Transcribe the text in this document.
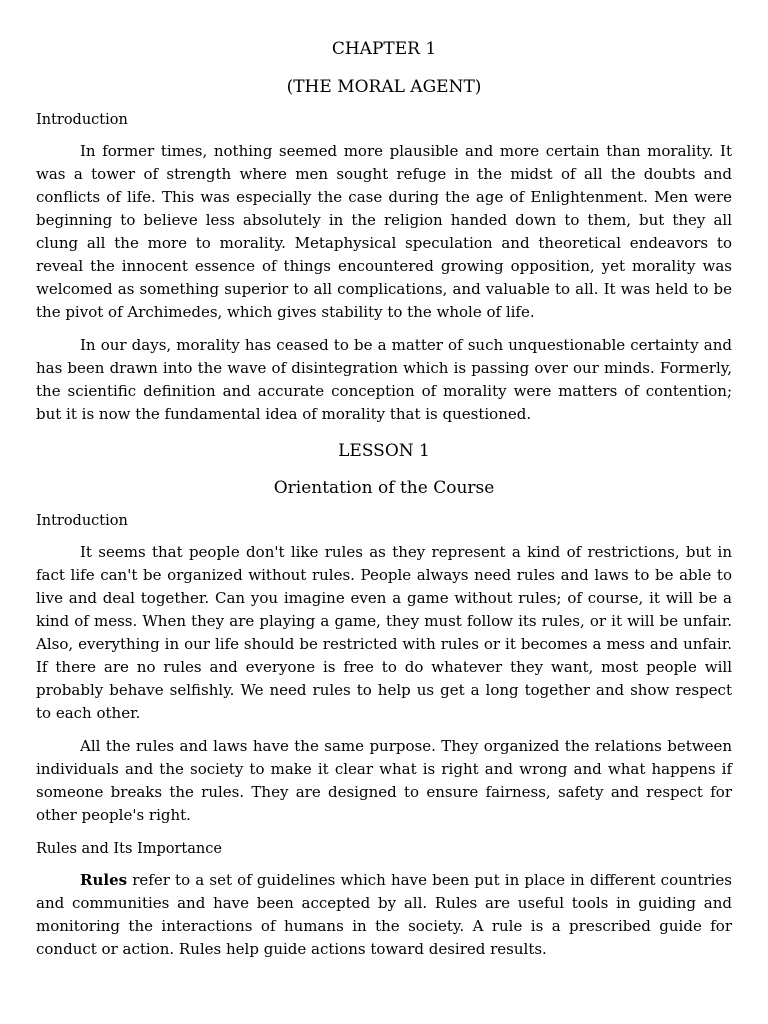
CHAPTER 1
(THE MORAL AGENT)
Introduction

In former times, nothing seemed more plausible and more certain than morality. It was a tower of strength where men sought refuge in the midst of all the doubts and conflicts of life. This was especially the case during the age of Enlightenment. Men were beginning to believe less absolutely in the religion handed down to them, but they all clung all the more to morality. Metaphysical speculation and theoretical endeavors to reveal the innocent essence of things encountered growing opposition, yet morality was welcomed as something superior to all complications, and valuable to all. It was held to be the pivot of Archimedes, which gives stability to the whole of life.

In our days, morality has ceased to be a matter of such unquestionable certainty and has been drawn into the wave of disintegration which is passing over our minds. Formerly, the scientific definition and accurate conception of morality were matters of contention; but it is now the fundamental idea of morality that is questioned.

LESSON 1
Orientation of the Course
Introduction

It seems that people don't like rules as they represent a kind of restrictions, but in fact life can't be organized without rules. People always need rules and laws to be able to live and deal together. Can you imagine even a game without rules; of course, it will be a kind of mess. When they are playing a game, they must follow its rules, or it will be unfair. Also, everything in our life should be restricted with rules or it becomes a mess and unfair. If there are no rules and everyone is free to do whatever they want, most people will probably behave selfishly. We need rules to help us get a long together and show respect to each other.

All the rules and laws have the same purpose. They organized the relations between individuals and the society to make it clear what is right and wrong and what happens if someone breaks the rules. They are designed to ensure fairness, safety and respect for other people's right.

Rules and Its Importance

Rules refer to a set of guidelines which have been put in place in different countries and communities and have been accepted by all. Rules are useful tools in guiding and monitoring the interactions of humans in the society. A rule is a prescribed guide for conduct or action. Rules help guide actions toward desired results.
